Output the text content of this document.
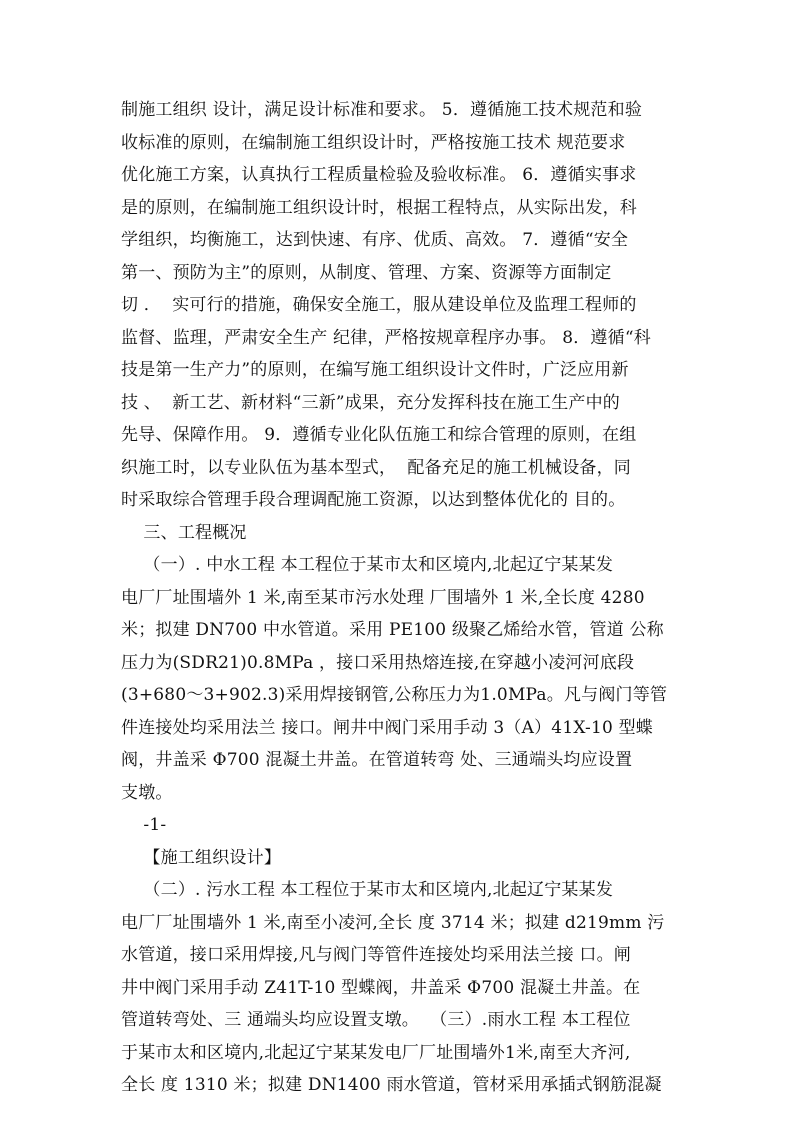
制施工组织 设计，满足设计标准和要求。 5．遵循施工技术规范和验
收标准的原则，在编制施工组织设计时，严格按施工技术 规范要求
优化施工方案，认真执行工程质量检验及验收标准。 6．遵循实事求
是的原则，在编制施工组织设计时，根据工程特点，从实际出发，科
学组织，均衡施工，达到快速、有序、优质、高效。 7．遵循“安全
第一、预防为主”的原则，从制度、管理、方案、资源等方面制定
切 ．  实可行的措施，确保安全施工，服从建设单位及监理工程师的
监督、监理，严肃安全生产 纪律，严格按规章程序办事。 8．遵循“科
技是第一生产力”的原则，在编写施工组织设计文件时，广泛应用新
技 、  新工艺、新材料“三新”成果，充分发挥科技在施工生产中的
先导、保障作用。 9．遵循专业化队伍施工和综合管理的原则，在组
织施工时，以专业队伍为基本型式，  配备充足的施工机械设备，同
时采取综合管理手段合理调配施工资源，以达到整体优化的 目的。
三、工程概况
（一）. 中水工程 本工程位于某市太和区境内,北起辽宁某某发
电厂厂址围墙外 1 米,南至某市污水处理 厂围墙外 1 米,全长度 4280
米；拟建 DN700 中水管道。采用 PE100 级聚乙烯给水管，管道 公称
压力为(SDR21)0.8MPa ，接口采用热熔连接,在穿越小凌河河底段
(3+680～3+902.3)采用焊接钢管,公称压力为1.0MPa。凡与阀门等管
件连接处均采用法兰 接口。闸井中阀门采用手动 3（A）41X-10 型蝶
阀，井盖采 Φ700 混凝土井盖。在管道转弯 处、三通端头均应设置
支墩。
-1-
【施工组织设计】
（二）. 污水工程 本工程位于某市太和区境内,北起辽宁某某发
电厂厂址围墙外 1 米,南至小凌河,全长 度 3714 米；拟建 d219mm 污
水管道，接口采用焊接,凡与阀门等管件连接处均采用法兰接 口。闸
井中阀门采用手动 Z41T-10 型蝶阀，井盖采 Φ700 混凝土井盖。在
管道转弯处、三 通端头均应设置支墩。  （三）.雨水工程 本工程位
于某市太和区境内,北起辽宁某某发电厂厂址围墙外1米,南至大齐河,
全长 度 1310 米；拟建 DN1400 雨水管道，管材采用承插式钢筋混凝
